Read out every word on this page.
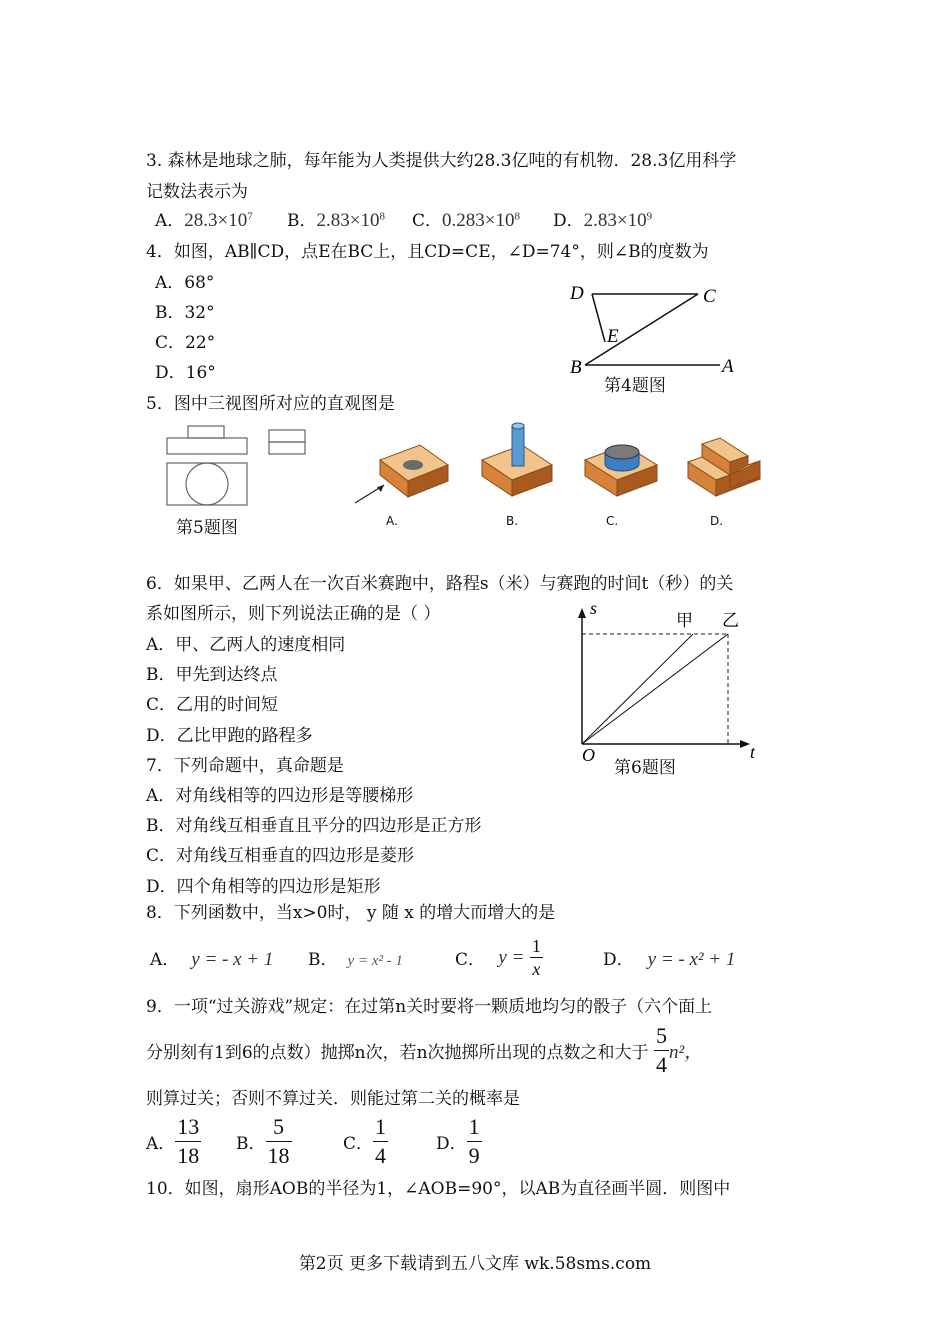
3. 森林是地球之肺，每年能为人类提供大约28.3亿吨的有机物．28.3亿用科学
记数法表示为
A．$28.3\times 10^7$ B．$2.83\times 10^8$ C．$0.283\times 10^8$ D．$2.83\times 10^9$
4．如图，AB∥CD，点E在BC上，且CD=CE，∠D=74°，则∠B的度数为
A．68°
B．32°
C．22°
D．16°
D	C
E
B	A
第4题图
5．图中三视图所对应的直观图是
第5题图	A.	B.	C.	D.
6．如果甲、乙两人在一次百米赛跑中，路程s（米）与赛跑的时间t（秒）的关
系如图所示，则下列说法正确的是（ ）
A．甲、乙两人的速度相同
B．甲先到达终点
C．乙用的时间短
D．乙比甲跑的路程多
s
t
O
甲 乙
第6题图
7．下列命题中，真命题是
A．对角线相等的四边形是等腰梯形
B．对角线互相垂直且平分的四边形是正方形
C．对角线互相垂直的四边形是菱形
D．四个角相等的四边形是矩形
8．下列函数中，当x>0时， y 随 x 的增大而增大的是
A． y = - x + 1 B． y = x² - 1	C． $y = \frac{1}{x}$	D． y = - x² + 1
9．一项“过关游戏”规定：在过第n关时要将一颗质地均匀的骰子（六个面上
分别刻有1到6的点数）抛掷n次，若n次抛掷所出现的点数之和大于 $\frac{5}{4} n^2$，
则算过关；否则不算过关．则能过第二关的概率是
A． $\frac{13}{18}$ B． $\frac{5}{18}$	C． $\frac{1}{4}$	D． $\frac{1}{9}$
10．如图，扇形AOB的半径为1，∠AOB=90°，以AB为直径画半圆．则图中
第2页 更多下载请到五八文库 wk.58sms.com
